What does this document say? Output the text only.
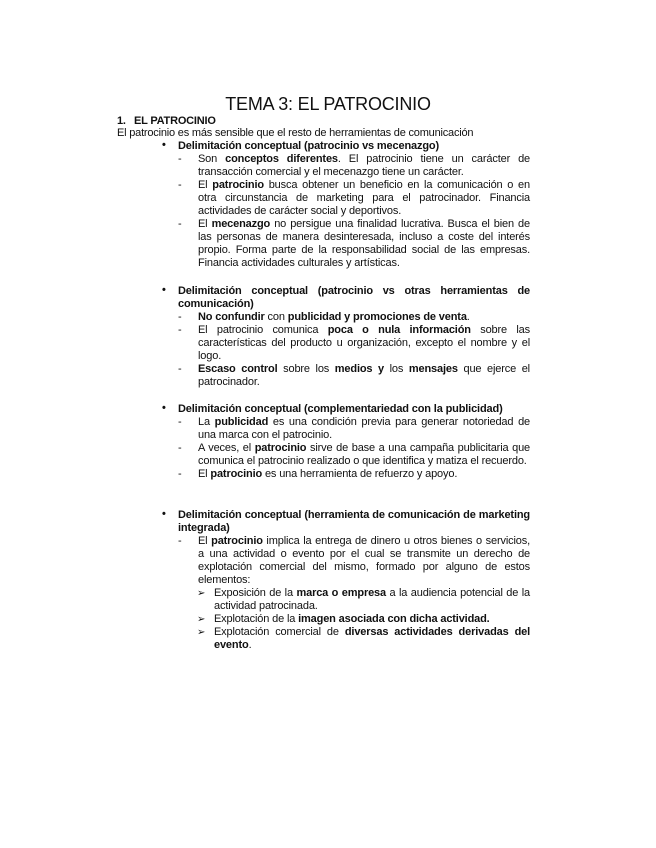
TEMA 3: EL PATROCINIO
1. EL PATROCINIO
El patrocinio es más sensible que el resto de herramientas de comunicación
• Delimitación conceptual (patrocinio vs mecenazgo)
- Son conceptos diferentes. El patrocinio tiene un carácter de transacción comercial y el mecenazgo tiene un carácter.
- El patrocinio busca obtener un beneficio en la comunicación o en otra circunstancia de marketing para el patrocinador. Financia actividades de carácter social y deportivos.
- El mecenazgo no persigue una finalidad lucrativa. Busca el bien de las personas de manera desinteresada, incluso a coste del interés propio. Forma parte de la responsabilidad social de las empresas. Financia actividades culturales y artísticas.
• Delimitación conceptual (patrocinio vs otras herramientas de comunicación)
- No confundir con publicidad y promociones de venta.
- El patrocinio comunica poca o nula información sobre las características del producto u organización, excepto el nombre y el logo.
- Escaso control sobre los medios y los mensajes que ejerce el patrocinador.
• Delimitación conceptual (complementariedad con la publicidad)
- La publicidad es una condición previa para generar notoriedad de una marca con el patrocinio.
- A veces, el patrocinio sirve de base a una campaña publicitaria que comunica el patrocinio realizado o que identifica y matiza el recuerdo.
- El patrocinio es una herramienta de refuerzo y apoyo.
• Delimitación conceptual (herramienta de comunicación de marketing integrada)
- El patrocinio implica la entrega de dinero u otros bienes o servicios, a una actividad o evento por el cual se transmite un derecho de explotación comercial del mismo, formado por alguno de estos elementos:
➢ Exposición de la marca o empresa a la audiencia potencial de la actividad patrocinada.
➢ Explotación de la imagen asociada con dicha actividad.
➢ Explotación comercial de diversas actividades derivadas del evento.
